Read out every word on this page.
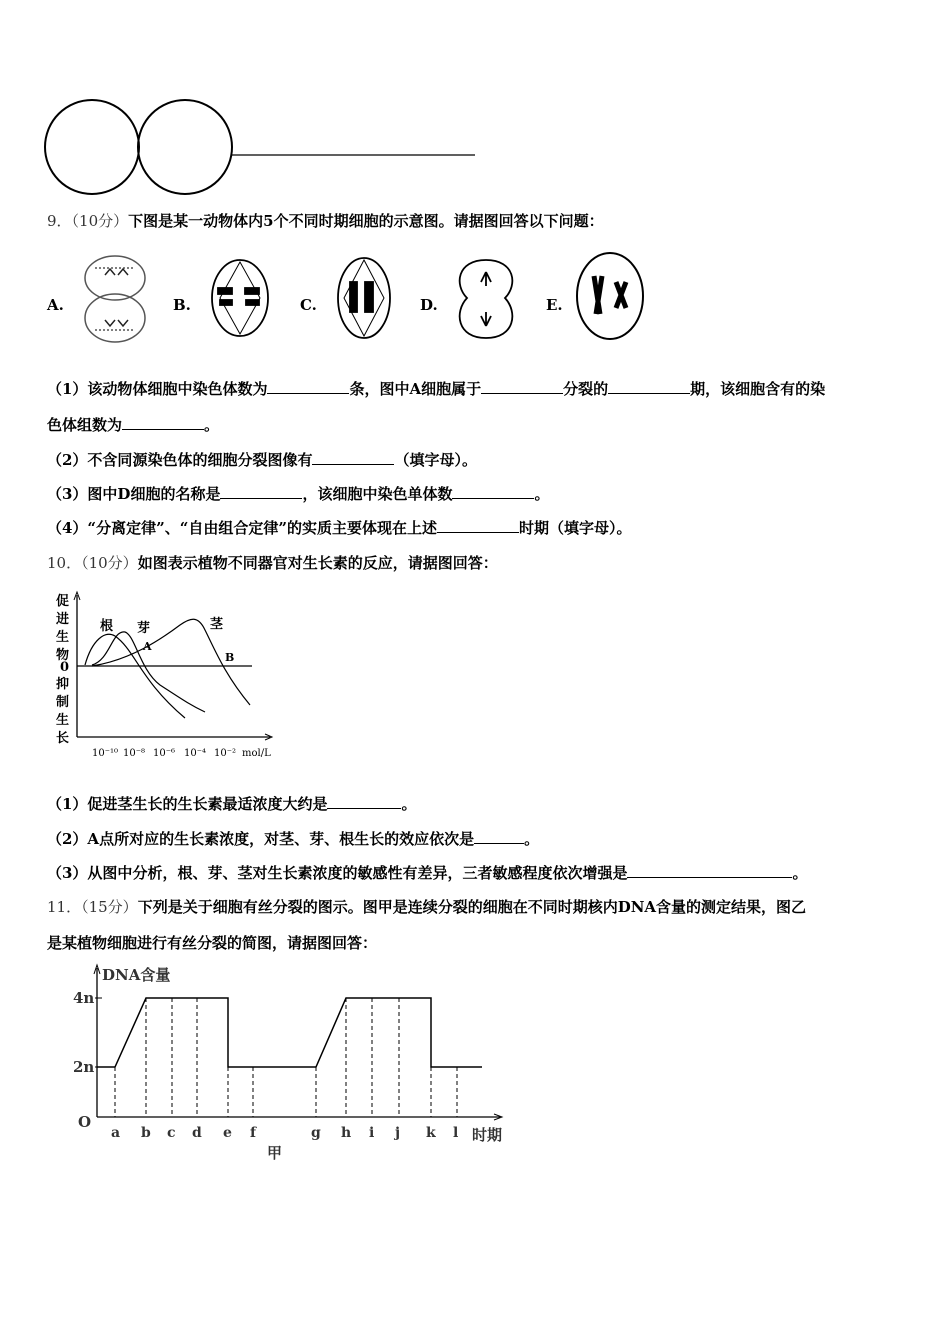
9．（10分）下图是某一动物体内5个不同时期细胞的示意图。请据图回答以下问题：
A.	B.	C.	D.	E.
（1）该动物体细胞中染色体数为	条，图中A细胞属于	分裂的	期，该细胞含有的染
色体组数为	。
（2）不含同源染色体的细胞分裂图像有	（填字母）。
（3）图中D细胞的名称是	，该细胞中染色单体数	。
（4）“分离定律”、“自由组合定律”的实质主要体现在上述	时期（填字母）。
10．（10分）如图表示植物不同器官对生长素的反应，请据图回答：
促
进
生
物
0
抑
制
生
长
根 芽	茎
A
B
10⁻¹⁰ 10⁻⁸ 10⁻⁶ 10⁻⁴ 10⁻² mol/L
（1）促进茎生长的生长素最适浓度大约是	。
（2）A点所对应的生长素浓度，对茎、芽、根生长的效应依次是	。
（3）从图中分析，根、芽、茎对生长素浓度的敏感性有差异，三者敏感程度依次增强是	。
11．（15分）下列是关于细胞有丝分裂的图示。图甲是连续分裂的细胞在不同时期核内DNA含量的测定结果，图乙
是某植物细胞进行有丝分裂的简图，请据图回答：
DNA含量
4n
2n
O
a b c d e f	g h i j k l 时期
甲
